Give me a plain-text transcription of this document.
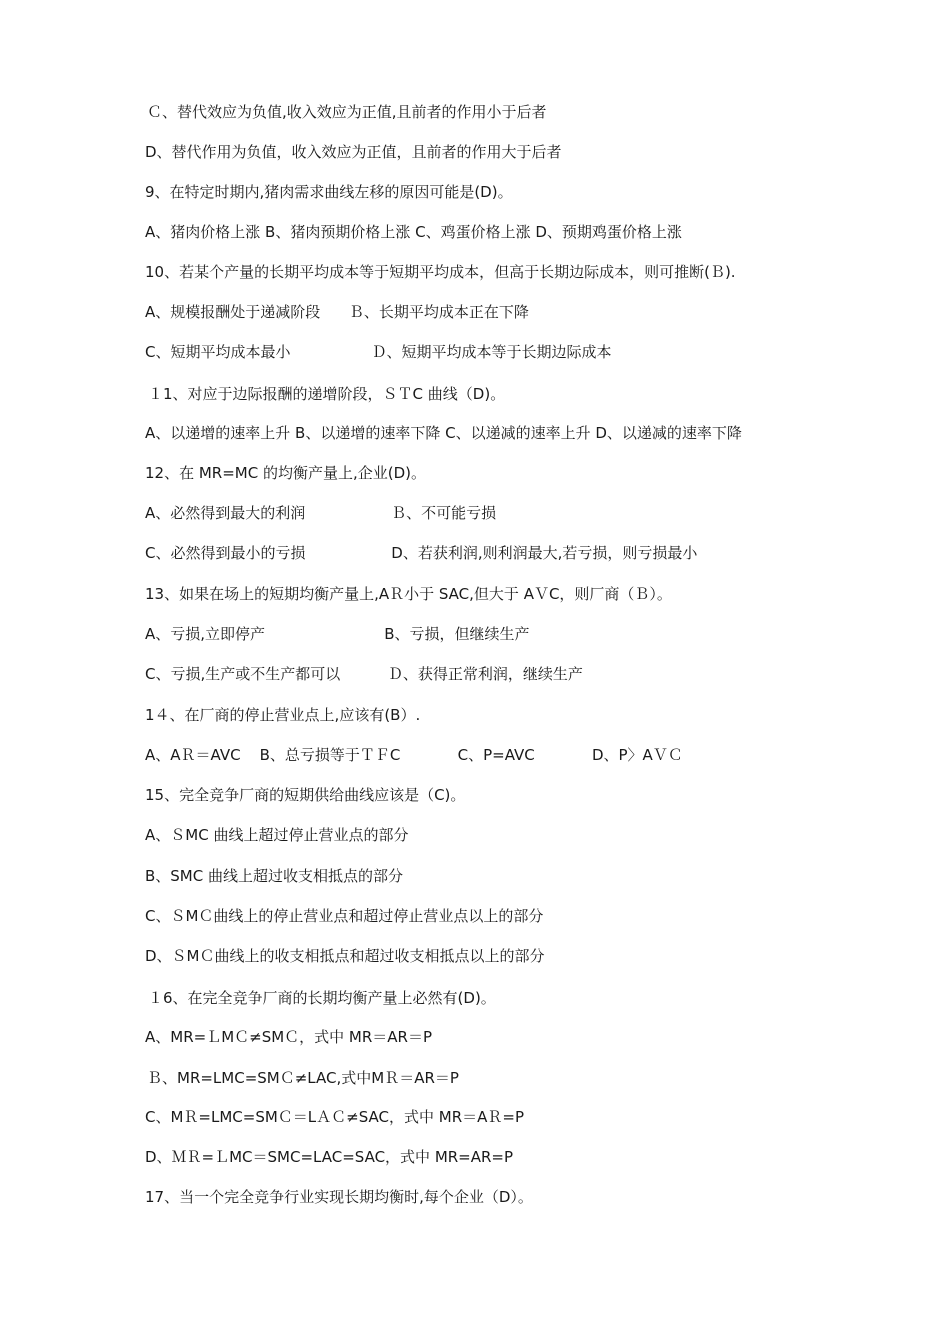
Ｃ、替代效应为负值,收入效应为正值,且前者的作用小于后者
D、替代作用为负值，收入效应为正值，且前者的作用大于后者
9、在特定时期内,猪肉需求曲线左移的原因可能是(D)。
A、猪肉价格上涨 B、猪肉预期价格上涨 C、鸡蛋价格上涨 D、预期鸡蛋价格上涨
10、若某个产量的长期平均成本等于短期平均成本，但高于长期边际成本，则可推断(Ｂ).
A、规模报酬处于递减阶段      Ｂ、长期平均成本正在下降
C、短期平均成本最小                 Ｄ、短期平均成本等于长期边际成本
１1、对应于边际报酬的递增阶段，ＳＴC 曲线（D)。
A、以递增的速率上升 B、以递增的速率下降 C、以递减的速率上升 D、以递减的速率下降
12、在 MR=MC 的均衡产量上,企业(D)。
A、必然得到最大的利润                  Ｂ、不可能亏损
C、必然得到最小的亏损                  D、若获利润,则利润最大,若亏损，则亏损最小
13、如果在场上的短期均衡产量上,AＲ小于 SAC,但大于 AＶC，则厂商（Ｂ）。
A、亏损,立即停产                         B、亏损，但继续生产
C、亏损,生产或不生产都可以          Ｄ、获得正常利润，继续生产
1４、在厂商的停止营业点上,应该有(B）.
A、AＲ＝AVC    B、总亏损等于ＴＦC            C、P=AVC            D、P〉AＶＣ
15、完全竞争厂商的短期供给曲线应该是（C)。
A、ＳMC 曲线上超过停止营业点的部分
B、SMC 曲线上超过收支相抵点的部分
C、ＳMＣ曲线上的停止营业点和超过停止营业点以上的部分
D、ＳMＣ曲线上的收支相抵点和超过收支相抵点以上的部分
１6、在完全竞争厂商的长期均衡产量上必然有(D)。
A、MR=ＬMＣ≠SMＣ，式中 MR＝AR＝P
Ｂ、MR=LMC=SMＣ≠LAC,式中MＲ＝AR＝P
C、MＲ=LMC=SMＣ＝LＡＣ≠SAC，式中 MR＝AＲ=P
D、ＭＲ=ＬMC＝SMC=LAC=SAC，式中 MR=AR=P
17、当一个完全竞争行业实现长期均衡时,每个企业（D）。
